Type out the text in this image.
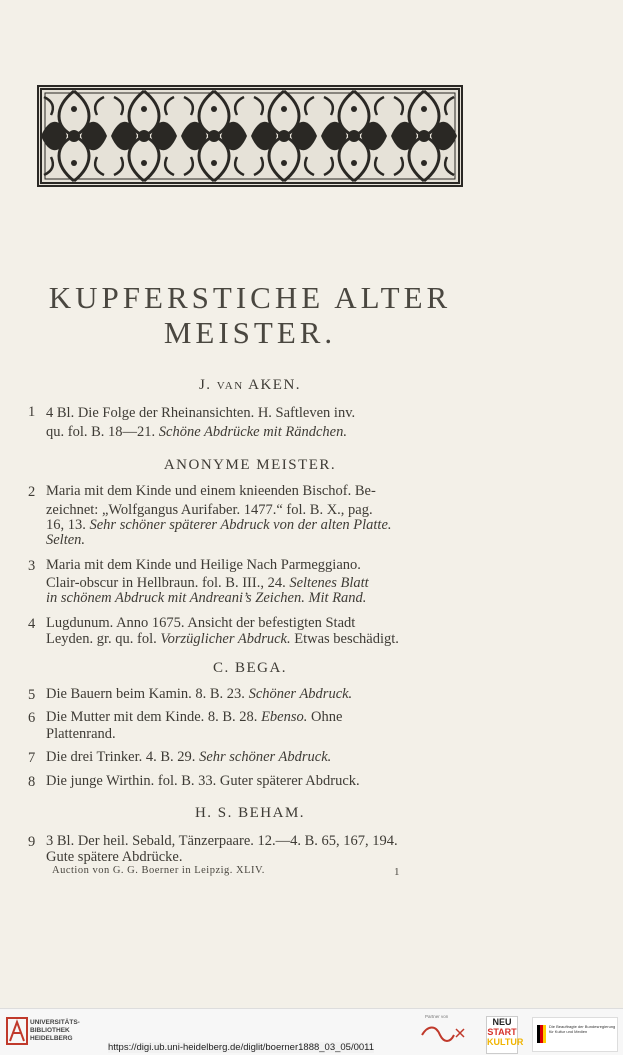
KUPFERSTICHE ALTER
MEISTER.
J. VAN AKEN.
1 4 Bl. Die Folge der Rheinansichten. H. Saftleven inv.
qu. fol. B. 18—21. Schöne Abdrücke mit Rändchen.
ANONYME MEISTER.
2 Maria mit dem Kinde und einem knieenden Bischof. Be-
zeichnet: „Wolfgangus Aurifaber. 1477.“ fol. B. X., pag.
16, 13. Sehr schöner späterer Abdruck von der alten Platte.
Selten.
3 Maria mit dem Kinde und Heilige Nach Parmeggiano.
Clair-obscur in Hellbraun. fol. B. III., 24. Seltenes Blatt
in schönem Abdruck mit Andreani’s Zeichen. Mit Rand.
4 Lugdunum. Anno 1675. Ansicht der befestigten Stadt
Leyden. gr. qu. fol. Vorzüglicher Abdruck. Etwas beschädigt.
C. BEGA.
5 Die Bauern beim Kamin. 8. B. 23. Schöner Abdruck.
6 Die Mutter mit dem Kinde. 8. B. 28. Ebenso. Ohne
Plattenrand.
7 Die drei Trinker. 4. B. 29. Sehr schöner Abdruck.
8 Die junge Wirthin. fol. B. 33. Guter späterer Abdruck.
H. S. BEHAM.
9 3 Bl. Der heil. Sebald, Tänzerpaare. 12.—4. B. 65, 167, 194.
Gute spätere Abdrücke.
Auction von G. G. Boerner in Leipzig. XLIV.	1
UNIVERSITÄTS-
BIBLIOTHEK
HEIDELBERG
Partner von
NEU
START
KULTUR
Die Beauftragte der Bundesregierung
für Kultur und Medien
https://digi.ub.uni-heidelberg.de/diglit/boerner1888_03_05/0011
